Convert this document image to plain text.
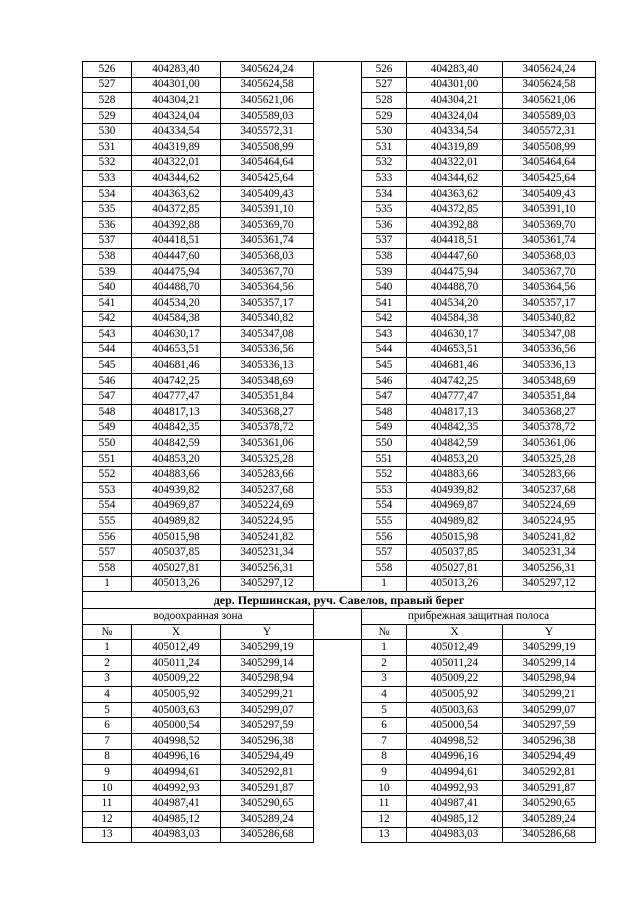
526	404283,40	3405624,24		526	404283,40	3405624,24
527	404301,00	3405624,58		527	404301,00	3405624,58
528	404304,21	3405621,06		528	404304,21	3405621,06
529	404324,04	3405589,03		529	404324,04	3405589,03
530	404334,54	3405572,31		530	404334,54	3405572,31
531	404319,89	3405508,99		531	404319,89	3405508,99
532	404322,01	3405464,64		532	404322,01	3405464,64
533	404344,62	3405425,64		533	404344,62	3405425,64
534	404363,62	3405409,43		534	404363,62	3405409,43
535	404372,85	3405391,10		535	404372,85	3405391,10
536	404392,88	3405369,70		536	404392,88	3405369,70
537	404418,51	3405361,74		537	404418,51	3405361,74
538	404447,60	3405368,03		538	404447,60	3405368,03
539	404475,94	3405367,70		539	404475,94	3405367,70
540	404488,70	3405364,56		540	404488,70	3405364,56
541	404534,20	3405357,17		541	404534,20	3405357,17
542	404584,38	3405340,82		542	404584,38	3405340,82
543	404630,17	3405347,08		543	404630,17	3405347,08
544	404653,51	3405336,56		544	404653,51	3405336,56
545	404681,46	3405336,13		545	404681,46	3405336,13
546	404742,25	3405348,69		546	404742,25	3405348,69
547	404777,47	3405351,84		547	404777,47	3405351,84
548	404817,13	3405368,27		548	404817,13	3405368,27
549	404842,35	3405378,72		549	404842,35	3405378,72
550	404842,59	3405361,06		550	404842,59	3405361,06
551	404853,20	3405325,28		551	404853,20	3405325,28
552	404883,66	3405283,66		552	404883,66	3405283,66
553	404939,82	3405237,68		553	404939,82	3405237,68
554	404969,87	3405224,69		554	404969,87	3405224,69
555	404989,82	3405224,95		555	404989,82	3405224,95
556	405015,98	3405241,82		556	405015,98	3405241,82
557	405037,85	3405231,34		557	405037,85	3405231,34
558	405027,81	3405256,31		558	405027,81	3405256,31
1	405013,26	3405297,12		1	405013,26	3405297,12
дер. Першинская, руч. Савелов, правый берег						
водоохранная зона				прибрежная защитная полоса		
№	X	Y		№	X	Y
1	405012,49	3405299,19		1	405012,49	3405299,19
2	405011,24	3405299,14		2	405011,24	3405299,14
3	405009,22	3405298,94		3	405009,22	3405298,94
4	405005,92	3405299,21		4	405005,92	3405299,21
5	405003,63	3405299,07		5	405003,63	3405299,07
6	405000,54	3405297,59		6	405000,54	3405297,59
7	404998,52	3405296,38		7	404998,52	3405296,38
8	404996,16	3405294,49		8	404996,16	3405294,49
9	404994,61	3405292,81		9	404994,61	3405292,81
10	404992,93	3405291,87		10	404992,93	3405291,87
11	404987,41	3405290,65		11	404987,41	3405290,65
12	404985,12	3405289,24		12	404985,12	3405289,24
13	404983,03	3405286,68		13	404983,03	3405286,68
